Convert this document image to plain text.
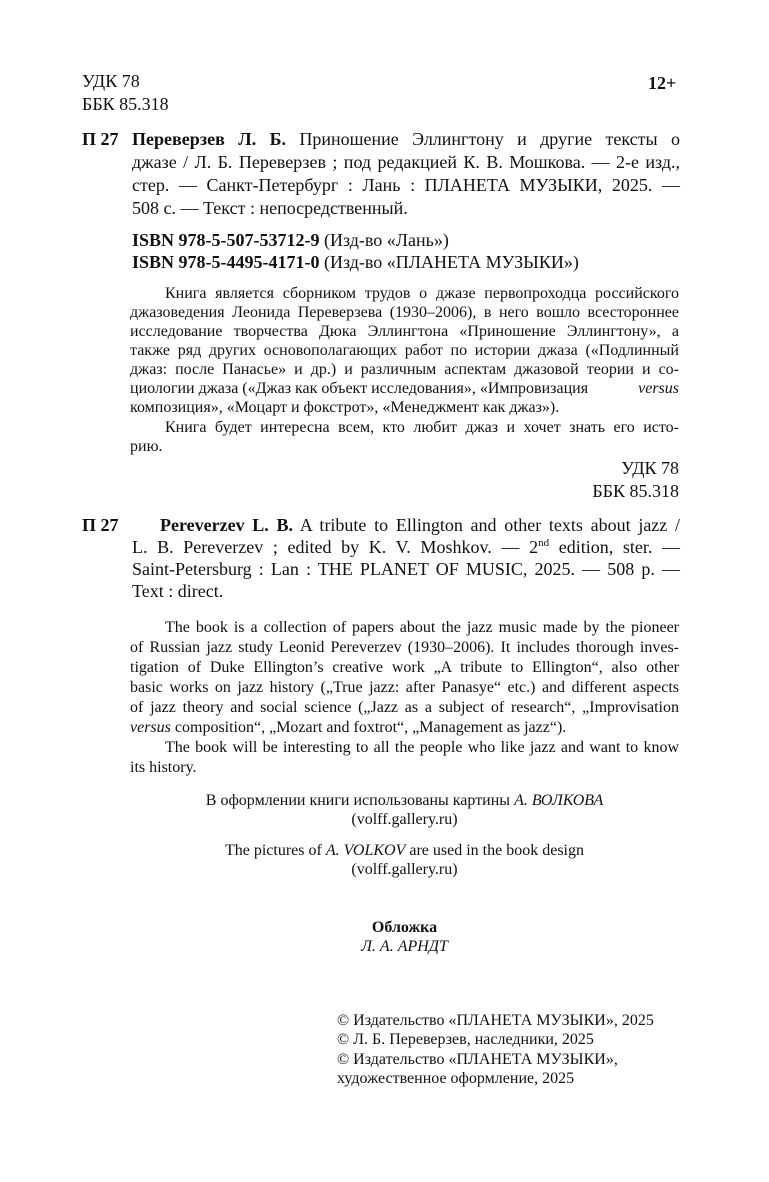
УДК 78
ББК 85.318
12+
П 27 Переверзев Л. Б. Приношение Эллингтону и другие тексты о
джазе / Л. Б. Переверзев ; под редакцией К. В. Мошкова. — 2-е изд.,
стер. — Санкт-Петербург : Лань : ПЛАНЕТА МУЗЫКИ, 2025. —
508 с. — Текст : непосредственный.
ISBN 978-5-507-53712-9 (Изд-во «Лань»)
ISBN 978-5-4495-4171-0 (Изд-во «ПЛАНЕТА МУЗЫКИ»)
Книга является сборником трудов о джазе первопроходца российского
джазоведения Леонида Переверзева (1930–2006), в него вошло всестороннее
исследование творчества Дюка Эллингтона «Приношение Эллингтону», а
также ряд других основополагающих работ по истории джаза («Подлинный
джаз: после Панасье» и др.) и различным аспектам джазовой теории и со-
циологии джаза («Джаз как объект исследования», «Импровизация	versus
композиция», «Моцарт и фокстрот», «Менеджмент как джаз»).
Книга будет интересна всем, кто любит джаз и хочет знать его исто-
рию.
УДК 78
ББК 85.318
П 27 Pereverzev L. B. A tribute to Ellington and other texts about jazz /
L. B. Pereverzev ; edited by K. V. Moshkov. — 2nd edition, ster. —
Saint-Petersburg : Lan : THE PLANET OF MUSIC, 2025. — 508 p. —
Text : direct.
The book is a collection of papers about the jazz music made by the pioneer
of Russian jazz study Leonid Pereverzev (1930–2006). It includes thorough inves-
tigation of Duke Ellington’s creative work „A tribute to Ellington“, also other
basic works on jazz history („True jazz: after Panasye“ etc.) and different aspects
of jazz theory and social science („Jazz as a subject of research“, „Improvisation
versus composition“, „Mozart and foxtrot“, „Management as jazz“).
The book will be interesting to all the people who like jazz and want to know
its history.
В оформлении книги использованы картины А. ВОЛКОВА
(volff.gallery.ru)
The pictures of A. VOLKOV are used in the book design
(volff.gallery.ru)
Обложка
Л. А. АРНДТ
© Издательство «ПЛАНЕТА МУЗЫКИ», 2025
© Л. Б. Переверзев, наследники, 2025
© Издательство «ПЛАНЕТА МУЗЫКИ»,
художественное оформление, 2025
